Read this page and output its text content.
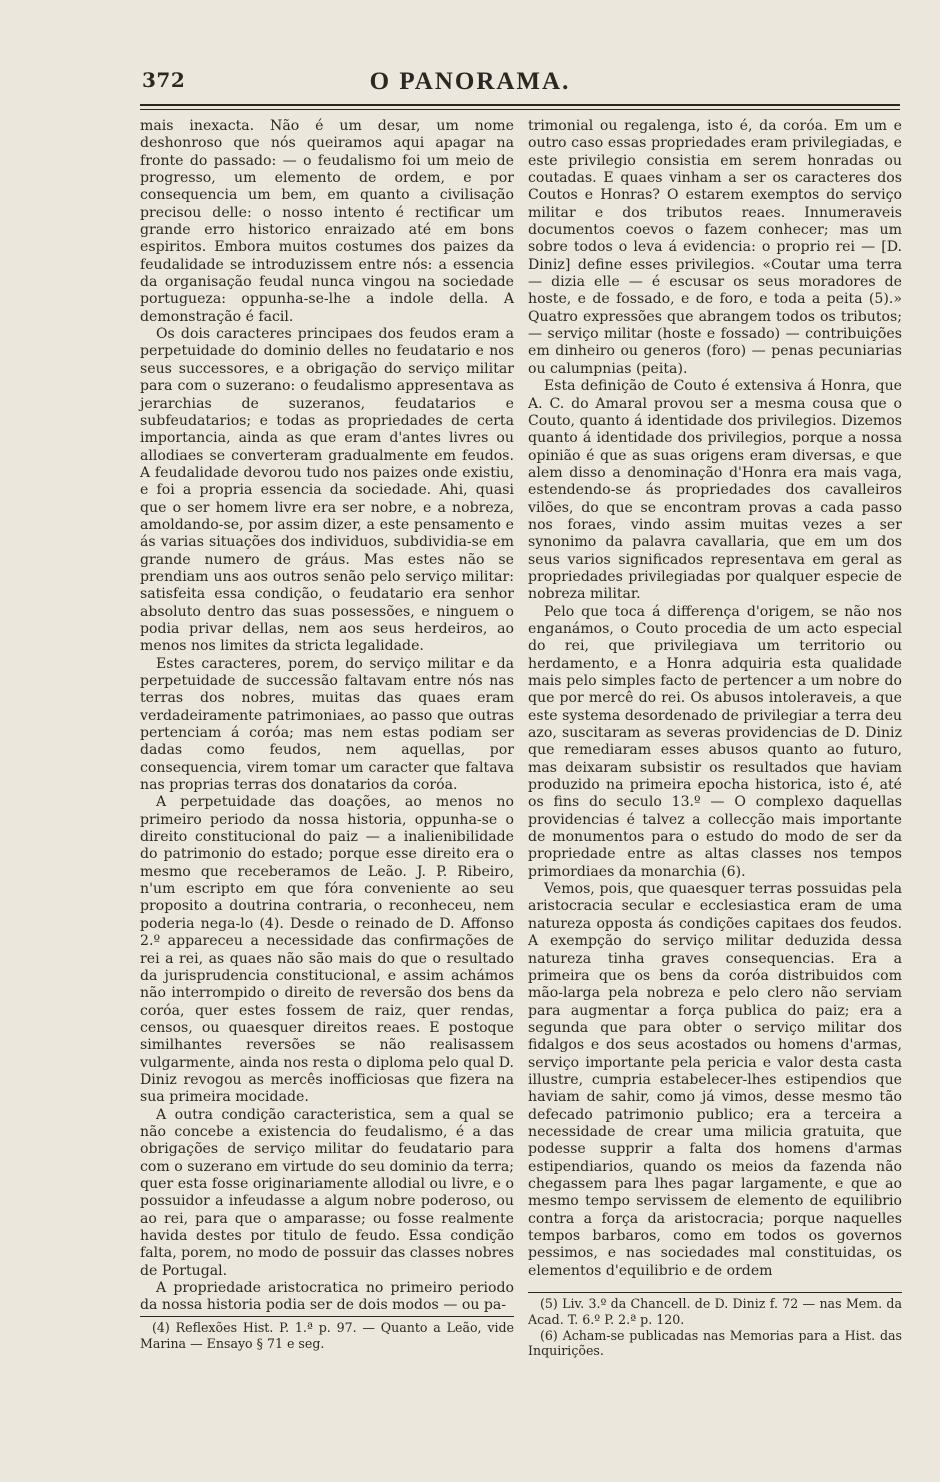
372	O PANORAMA.

mais inexacta. Não é um desar, um nome deshonroso que nós queiramos aqui apagar na fronte do passado: — o feudalismo foi um meio de progresso, um elemento de ordem, e por consequencia um bem, em quanto a civilisação precisou delle: o nosso intento é rectificar um grande erro historico enraizado até em bons espiritos. Embora muitos costumes dos paizes da feudalidade se introduzissem entre nós: a essencia da organisação feudal nunca vingou na sociedade portugueza: oppunha-se-lhe a indole della. A demonstração é facil.

Os dois caracteres principaes dos feudos eram a perpetuidade do dominio delles no feudatario e nos seus successores, e a obrigação do serviço militar para com o suzerano: o feudalismo appresentava as jerarchias de suzeranos, feudatarios e subfeudatarios; e todas as propriedades de certa importancia, ainda as que eram d'antes livres ou allodiaes se converteram gradualmente em feudos. A feudalidade devorou tudo nos paizes onde existiu, e foi a propria essencia da sociedade. Ahi, quasi que o ser homem livre era ser nobre, e a nobreza, amoldando-se, por assim dizer, a este pensamento e ás varias situações dos individuos, subdividia-se em grande numero de gráus. Mas estes não se prendiam uns aos outros senão pelo serviço militar: satisfeita essa condição, o feudatario era senhor absoluto dentro das suas possessões, e ninguem o podia privar dellas, nem aos seus herdeiros, ao menos nos limites da stricta legalidade.

Estes caracteres, porem, do serviço militar e da perpetuidade de successão faltavam entre nós nas terras dos nobres, muitas das quaes eram verdadeiramente patrimoniaes, ao passo que outras pertenciam á coróa; mas nem estas podiam ser dadas como feudos, nem aquellas, por consequencia, virem tomar um caracter que faltava nas proprias terras dos donatarios da coróa.

A perpetuidade das doações, ao menos no primeiro periodo da nossa historia, oppunha-se o direito constitucional do paiz — a inalienibilidade do patrimonio do estado; porque esse direito era o mesmo que receberamos de Leão. J. P. Ribeiro, n'um escripto em que fóra conveniente ao seu proposito a doutrina contraria, o reconheceu, nem poderia nega-lo (4). Desde o reinado de D. Affonso 2.º appareceu a necessidade das confirmações de rei a rei, as quaes não são mais do que o resultado da jurisprudencia constitucional, e assim achámos não interrompido o direito de reversão dos bens da coróa, quer estes fossem de raiz, quer rendas, censos, ou quaesquer direitos reaes. E postoque similhantes reversões se não realisassem vulgarmente, ainda nos resta o diploma pelo qual D. Diniz revogou as mercês inofficiosas que fizera na sua primeira mocidade.

A outra condição caracteristica, sem a qual se não concebe a existencia do feudalismo, é a das obrigações de serviço militar do feudatario para com o suzerano em virtude do seu dominio da terra; quer esta fosse originariamente allodial ou livre, e o possuidor a infeudasse a algum nobre poderoso, ou ao rei, para que o amparasse; ou fosse realmente havida destes por titulo de feudo. Essa condição falta, porem, no modo de possuir das classes nobres de Portugal.

A propriedade aristocratica no primeiro periodo da nossa historia podia ser de dois modos — ou pa-

(4) Reflexões Hist. P. 1.ª p. 97. — Quanto a Leão, vide Marina — Ensayo § 71 e seg.

trimonial ou regalenga, isto é, da coróa. Em um e outro caso essas propriedades eram privilegiadas, e este privilegio consistia em serem honradas ou coutadas. E quaes vinham a ser os caracteres dos Coutos e Honras? O estarem exemptos do serviço militar e dos tributos reaes. Innumeraveis documentos coevos o fazem conhecer; mas um sobre todos o leva á evidencia: o proprio rei — [D. Diniz] define esses privilegios. «Coutar uma terra — dizia elle — é escusar os seus moradores de hoste, e de fossado, e de foro, e toda a peita (5).» Quatro expressões que abrangem todos os tributos; — serviço militar (hoste e fossado) — contribuições em dinheiro ou generos (foro) — penas pecuniarias ou calumpnias (peita).

Esta definição de Couto é extensiva á Honra, que A. C. do Amaral provou ser a mesma cousa que o Couto, quanto á identidade dos privilegios. Dizemos quanto á identidade dos privilegios, porque a nossa opinião é que as suas origens eram diversas, e que alem disso a denominação d'Honra era mais vaga, estendendo-se ás propriedades dos cavalleiros vilões, do que se encontram provas a cada passo nos foraes, vindo assim muitas vezes a ser synonimo da palavra cavallaria, que em um dos seus varios significados representava em geral as propriedades privilegiadas por qualquer especie de nobreza militar.

Pelo que toca á differença d'origem, se não nos enganámos, o Couto procedia de um acto especial do rei, que privilegiava um territorio ou herdamento, e a Honra adquiria esta qualidade mais pelo simples facto de pertencer a um nobre do que por mercê do rei. Os abusos intoleraveis, a que este systema desordenado de privilegiar a terra deu azo, suscitaram as severas providencias de D. Diniz que remediaram esses abusos quanto ao futuro, mas deixaram subsistir os resultados que haviam produzido na primeira epocha historica, isto é, até os fins do seculo 13.º — O complexo daquellas providencias é talvez a collecção mais importante de monumentos para o estudo do modo de ser da propriedade entre as altas classes nos tempos primordiaes da monarchia (6).

Vemos, pois, que quaesquer terras possuidas pela aristocracia secular e ecclesiastica eram de uma natureza opposta ás condições capitaes dos feudos. A exempção do serviço militar deduzida dessa natureza tinha graves consequencias. Era a primeira que os bens da coróa distribuidos com mão-larga pela nobreza e pelo clero não serviam para augmentar a força publica do paiz; era a segunda que para obter o serviço militar dos fidalgos e dos seus acostados ou homens d'armas, serviço importante pela pericia e valor desta casta illustre, cumpria estabelecer-lhes estipendios que haviam de sahir, como já vimos, desse mesmo tão defecado patrimonio publico; era a terceira a necessidade de crear uma milicia gratuita, que podesse supprir a falta dos homens d'armas estipendiarios, quando os meios da fazenda não chegassem para lhes pagar largamente, e que ao mesmo tempo servissem de elemento de equilibrio contra a força da aristocracia; porque naquelles tempos barbaros, como em todos os governos pessimos, e nas sociedades mal constituidas, os elementos d'equilibrio e de ordem

(5) Liv. 3.º da Chancell. de D. Diniz f. 72 — nas Mem. da Acad. T. 6.º P. 2.ª p. 120.

(6) Acham-se publicadas nas Memorias para a Hist. das Inquirições.
